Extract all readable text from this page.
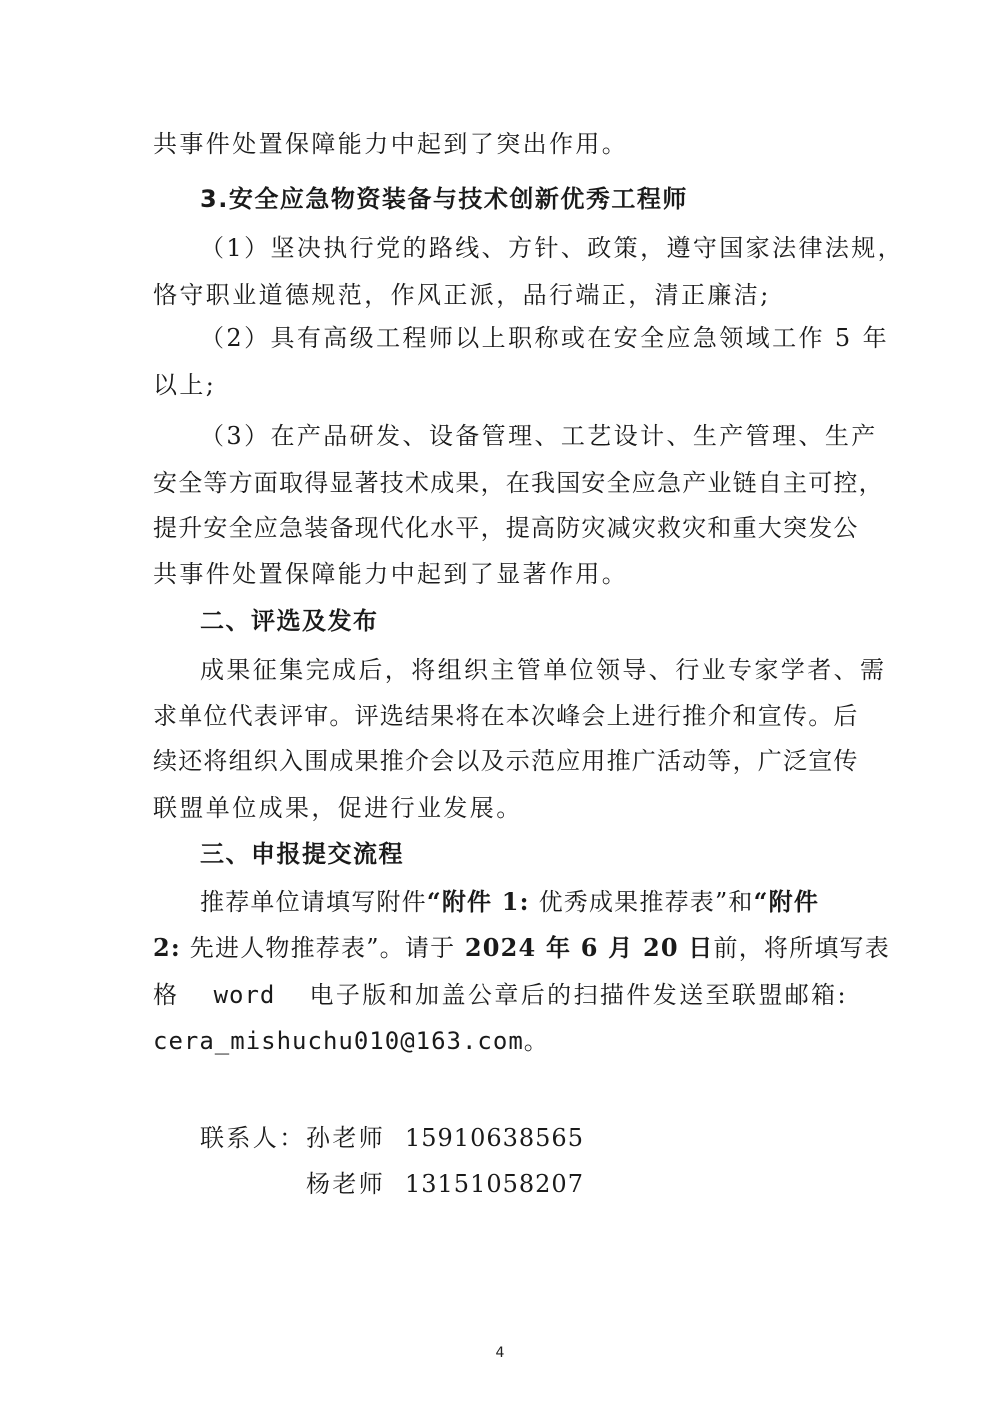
共事件处置保障能力中起到了突出作用。
3.安全应急物资装备与技术创新优秀工程师
（1）坚决执行党的路线、方针、政策，遵守国家法律法规，
恪守职业道德规范，作风正派，品行端正，清正廉洁;
（2）具有高级工程师以上职称或在安全应急领域工作 5 年
以上;
（3）在产品研发、设备管理、工艺设计、生产管理、生产
安全等方面取得显著技术成果，在我国安全应急产业链自主可控，
提升安全应急装备现代化水平，提高防灾减灾救灾和重大突发公
共事件处置保障能力中起到了显著作用。
二、评选及发布
成果征集完成后，将组织主管单位领导、行业专家学者、需
求单位代表评审。评选结果将在本次峰会上进行推介和宣传。后
续还将组织入围成果推介会以及示范应用推广活动等，广泛宣传
联盟单位成果，促进行业发展。
三、申报提交流程
推荐单位请填写附件“附件 1: 优秀成果推荐表”和“附件
2: 先进人物推荐表”。请于 2024 年 6 月 20 日前，将所填写表
格 word 电子版和加盖公章后的扫描件发送至联盟邮箱:
cera_mishuchu010@163.com。
联系人： 孙老师 15910638565
杨老师 13151058207
4
